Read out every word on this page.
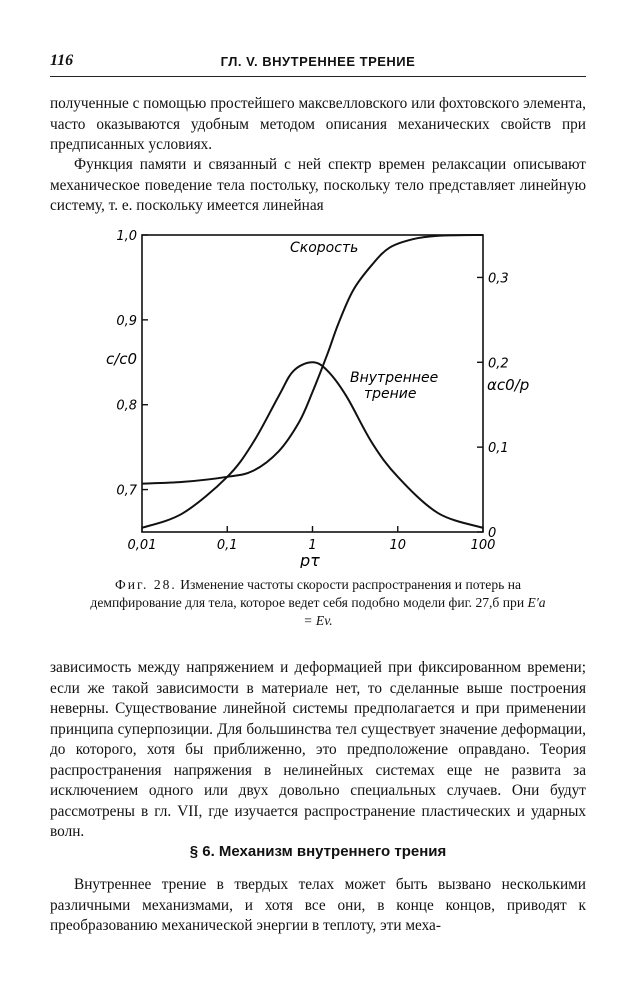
116	ГЛ. V. ВНУТРЕННЕЕ ТРЕНИЕ

полученные с помощью простейшего максвелловского или фохтовского элемента, часто оказываются удобным методом описания механических свойств при предписанных условиях.

Функция памяти и связанный с ней спектр времен релаксации описывают механическое поведение тела постольку, поскольку тело представляет линейную систему, т. е. поскольку имеется линейная

0,01	0,1	1	10	100
0,7
0,8
0,9
1,0
0
0,1
0,2
0,3
Скорость
Внутреннее
трение
c/c0
αc0/p
pτ

Фиг. 28. Изменение частоты скорости распространения и потерь на демпфирование для тела, которое ведет себя подобно модели фиг. 27,б при E′a = Ev.

зависимость между напряжением и деформацией при фиксированном времени; если же такой зависимости в материале нет, то сделанные выше построения неверны. Существование линейной системы предполагается и при применении принципа суперпозиции. Для большинства тел существует значение деформации, до которого, хотя бы приближенно, это предположение оправдано. Теория распространения напряжения в нелинейных системах еще не развита за исключением одного или двух довольно специальных случаев. Они будут рассмотрены в гл. VII, где изучается распространение пластических и ударных волн.

§ 6. Механизм внутреннего трения

Внутреннее трение в твердых телах может быть вызвано несколькими различными механизмами, и хотя все они, в конце концов, приводят к преобразованию механической энергии в теплоту, эти меха-
